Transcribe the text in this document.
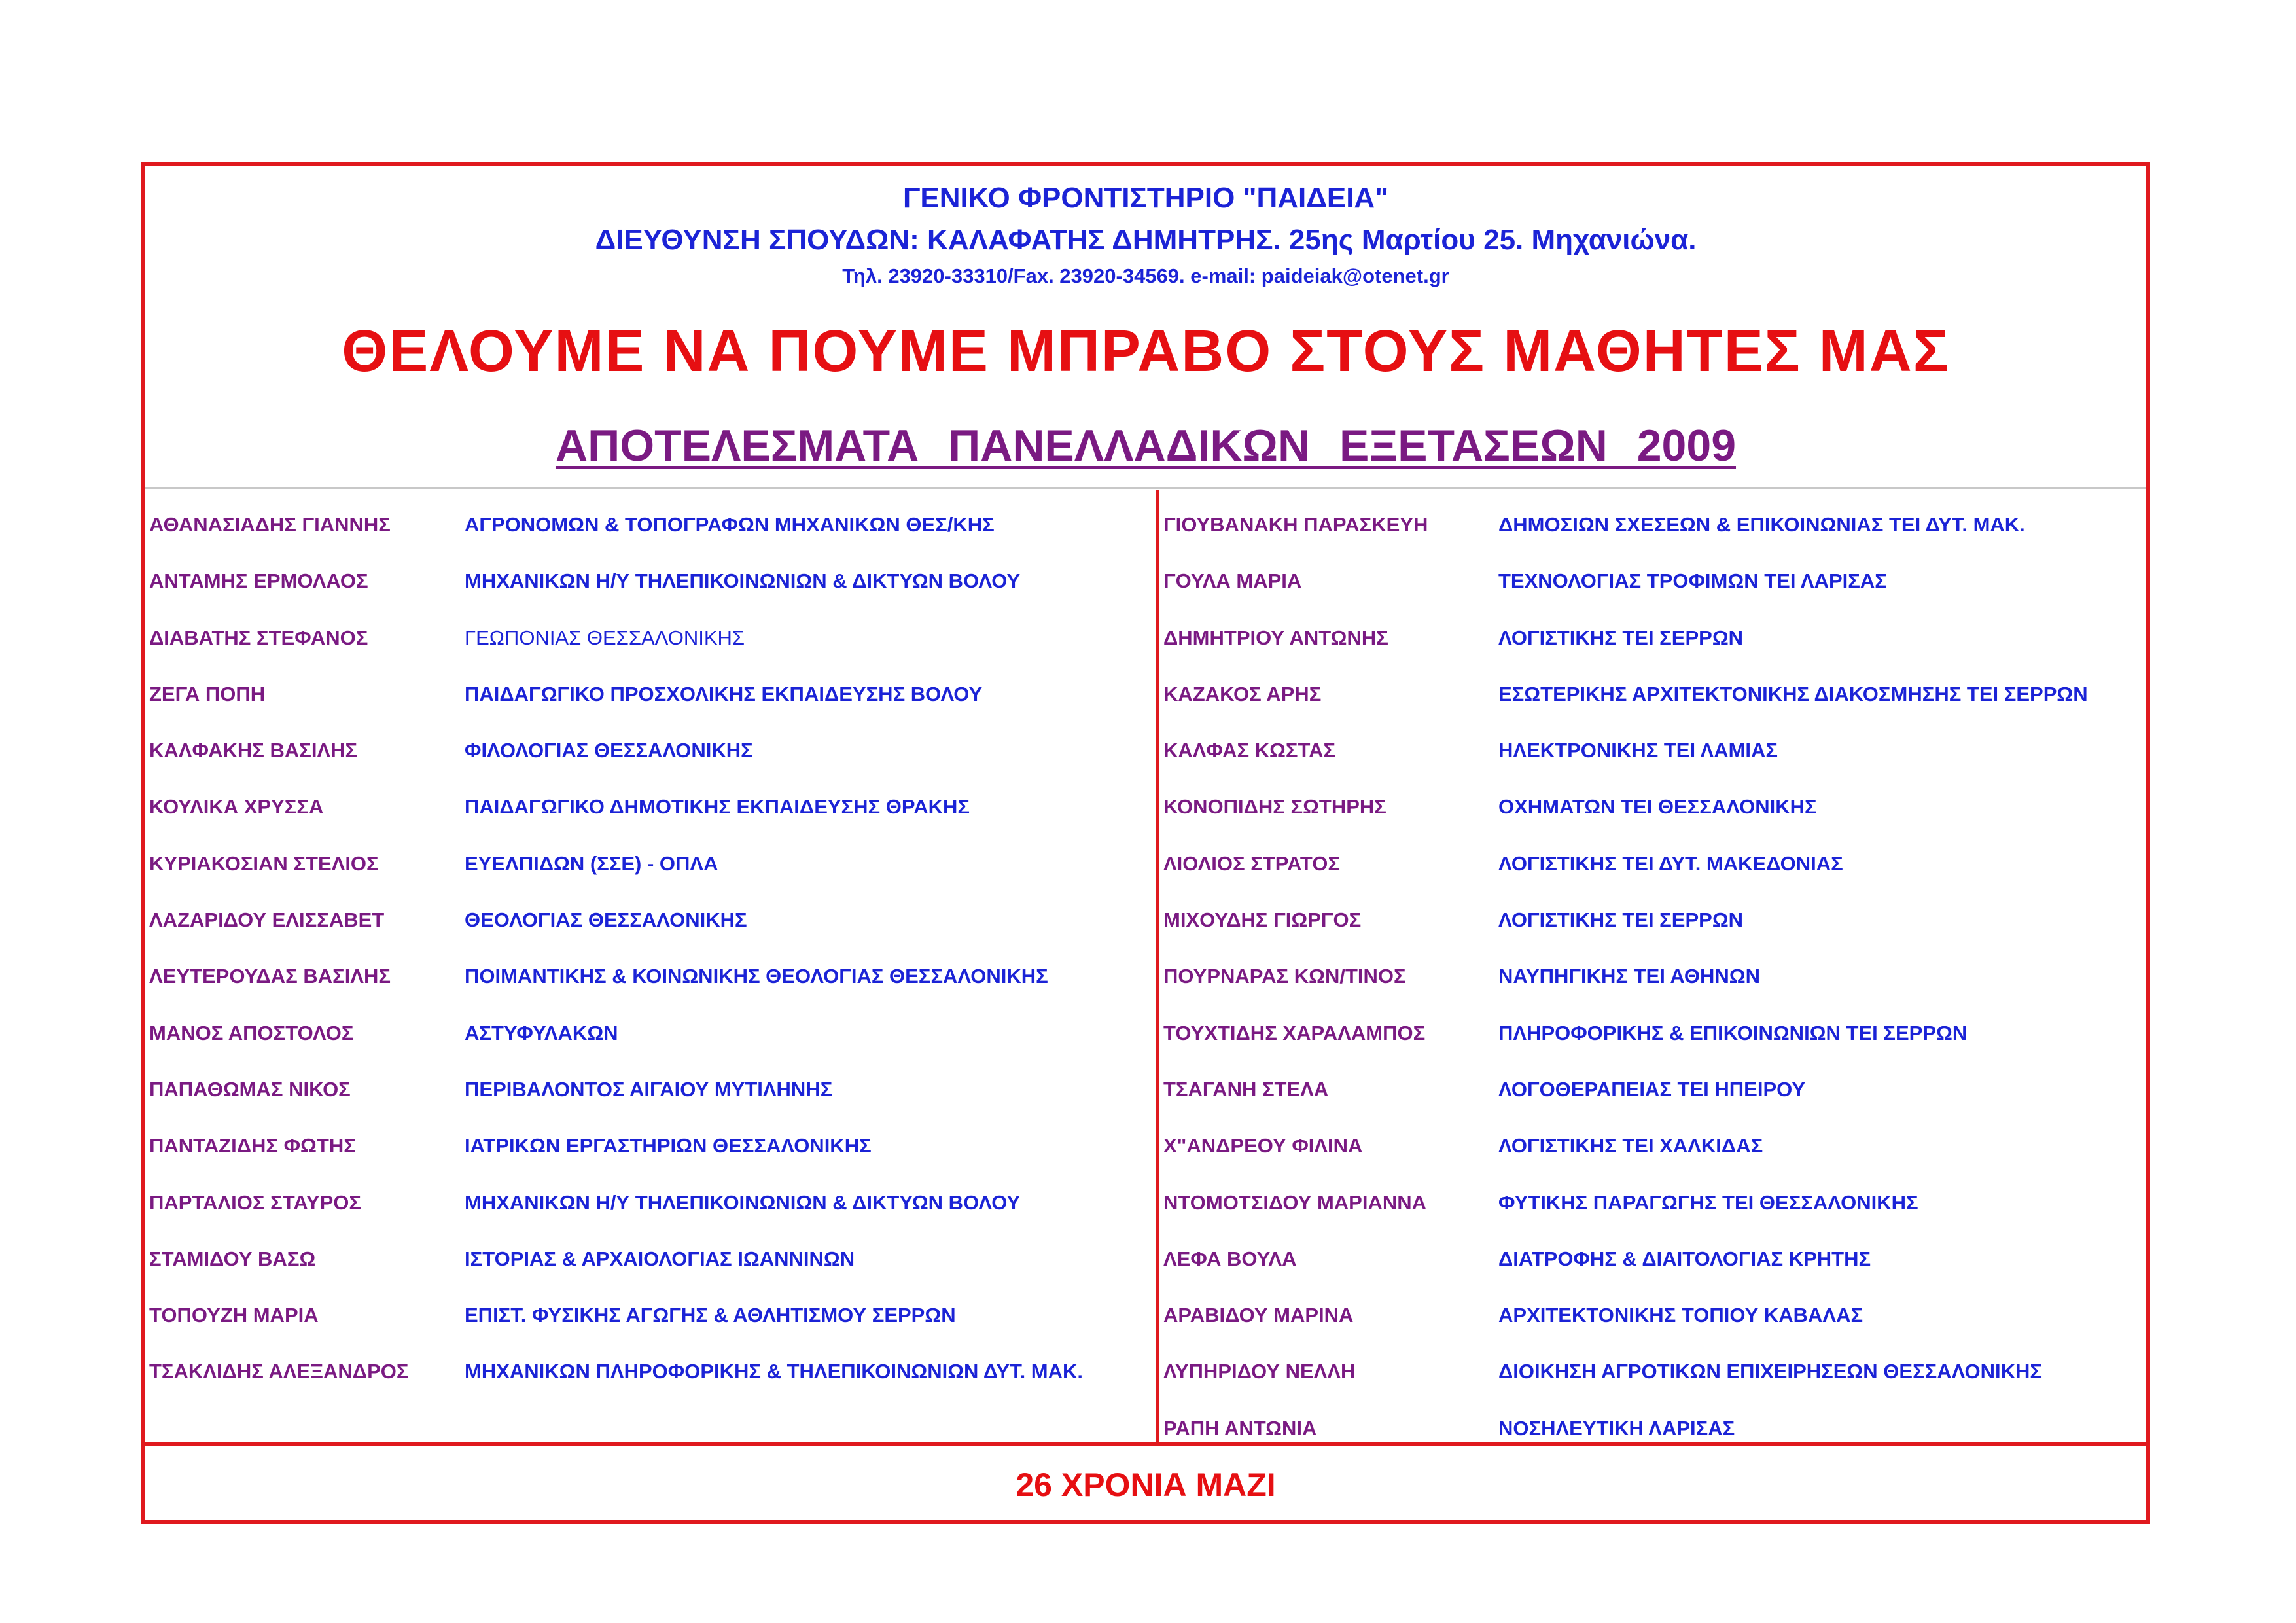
ΓΕΝΙΚΟ ΦΡΟΝΤΙΣΤΗΡΙΟ "ΠΑΙΔΕΙΑ"
ΔΙΕΥΘΥΝΣΗ ΣΠΟΥΔΩΝ: ΚΑΛΑΦΑΤΗΣ ΔΗΜΗΤΡΗΣ. 25ης Μαρτίου 25. Μηχανιώνα.
Τηλ. 23920-33310/Fax. 23920-34569. e-mail: paideiak@otenet.gr
ΘΕΛΟΥΜΕ ΝΑ ΠΟΥΜΕ ΜΠΡΑΒΟ ΣΤΟΥΣ ΜΑΘΗΤΕΣ ΜΑΣ
ΑΠΟΤΕΛΕΣΜΑΤΑ ΠΑΝΕΛΛΑΔΙΚΩΝ ΕΞΕΤΑΣΕΩΝ 2009
ΑΘΑΝΑΣΙΑΔΗΣ ΓΙΑΝΝΗΣ	ΑΓΡΟΝΟΜΩΝ & ΤΟΠΟΓΡΑΦΩΝ ΜΗΧΑΝΙΚΩΝ ΘΕΣ/ΚΗΣ
ΑΝΤΑΜΗΣ ΕΡΜΟΛΑΟΣ	ΜΗΧΑΝΙΚΩΝ Η/Υ ΤΗΛΕΠΙΚΟΙΝΩΝΙΩΝ & ΔΙΚΤΥΩΝ ΒΟΛΟΥ
ΔΙΑΒΑΤΗΣ ΣΤΕΦΑΝΟΣ	ΓΕΩΠΟΝΙΑΣ ΘΕΣΣΑΛΟΝΙΚΗΣ
ΖΕΓΑ ΠΟΠΗ	ΠΑΙΔΑΓΩΓΙΚΟ ΠΡΟΣΧΟΛΙΚΗΣ ΕΚΠΑΙΔΕΥΣΗΣ ΒΟΛΟΥ
ΚΑΛΦΑΚΗΣ ΒΑΣΙΛΗΣ	ΦΙΛΟΛΟΓΙΑΣ ΘΕΣΣΑΛΟΝΙΚΗΣ
ΚΟΥΛΙΚΑ ΧΡΥΣΣΑ	ΠΑΙΔΑΓΩΓΙΚΟ ΔΗΜΟΤΙΚΗΣ ΕΚΠΑΙΔΕΥΣΗΣ ΘΡΑΚΗΣ
ΚΥΡΙΑΚΟΣΙΑΝ ΣΤΕΛΙΟΣ	ΕΥΕΛΠΙΔΩΝ (ΣΣΕ) - ΟΠΛΑ
ΛΑΖΑΡΙΔΟΥ ΕΛΙΣΣΑΒΕΤ	ΘΕΟΛΟΓΙΑΣ ΘΕΣΣΑΛΟΝΙΚΗΣ
ΛΕΥΤΕΡΟΥΔΑΣ ΒΑΣΙΛΗΣ	ΠΟΙΜΑΝΤΙΚΗΣ & ΚΟΙΝΩΝΙΚΗΣ ΘΕΟΛΟΓΙΑΣ ΘΕΣΣΑΛΟΝΙΚΗΣ
ΜΑΝΟΣ ΑΠΟΣΤΟΛΟΣ	ΑΣΤΥΦΥΛΑΚΩΝ
ΠΑΠΑΘΩΜΑΣ ΝΙΚΟΣ	ΠΕΡΙΒΑΛΟΝΤΟΣ ΑΙΓΑΙΟΥ ΜΥΤΙΛΗΝΗΣ
ΠΑΝΤΑΖΙΔΗΣ ΦΩΤΗΣ	ΙΑΤΡΙΚΩΝ ΕΡΓΑΣΤΗΡΙΩΝ ΘΕΣΣΑΛΟΝΙΚΗΣ
ΠΑΡΤΑΛΙΟΣ ΣΤΑΥΡΟΣ	ΜΗΧΑΝΙΚΩΝ Η/Υ ΤΗΛΕΠΙΚΟΙΝΩΝΙΩΝ & ΔΙΚΤΥΩΝ ΒΟΛΟΥ
ΣΤΑΜΙΔΟΥ ΒΑΣΩ	ΙΣΤΟΡΙΑΣ & ΑΡΧΑΙΟΛΟΓΙΑΣ ΙΩΑΝΝΙΝΩΝ
ΤΟΠΟΥΖΗ ΜΑΡΙΑ	ΕΠΙΣΤ. ΦΥΣΙΚΗΣ ΑΓΩΓΗΣ & ΑΘΛΗΤΙΣΜΟΥ ΣΕΡΡΩΝ
ΤΣΑΚΛΙΔΗΣ ΑΛΕΞΑΝΔΡΟΣ	ΜΗΧΑΝΙΚΩΝ ΠΛΗΡΟΦΟΡΙΚΗΣ & ΤΗΛΕΠΙΚΟΙΝΩΝΙΩΝ ΔΥΤ. ΜΑΚ.
ΓΙΟΥΒΑΝΑΚΗ ΠΑΡΑΣΚΕΥΗ	ΔΗΜΟΣΙΩΝ ΣΧΕΣΕΩΝ & ΕΠΙΚΟΙΝΩΝΙΑΣ ΤΕΙ ΔΥΤ. ΜΑΚ.
ΓΟΥΛΑ ΜΑΡΙΑ	ΤΕΧΝΟΛΟΓΙΑΣ ΤΡΟΦΙΜΩΝ ΤΕΙ ΛΑΡΙΣΑΣ
ΔΗΜΗΤΡΙΟΥ ΑΝΤΩΝΗΣ	ΛΟΓΙΣΤΙΚΗΣ ΤΕΙ ΣΕΡΡΩΝ
ΚΑΖΑΚΟΣ ΑΡΗΣ	ΕΣΩΤΕΡΙΚΗΣ ΑΡΧΙΤΕΚΤΟΝΙΚΗΣ ΔΙΑΚΟΣΜΗΣΗΣ ΤΕΙ ΣΕΡΡΩΝ
ΚΑΛΦΑΣ ΚΩΣΤΑΣ	ΗΛΕΚΤΡΟΝΙΚΗΣ ΤΕΙ ΛΑΜΙΑΣ
ΚΟΝΟΠΙΔΗΣ ΣΩΤΗΡΗΣ	ΟΧΗΜΑΤΩΝ ΤΕΙ ΘΕΣΣΑΛΟΝΙΚΗΣ
ΛΙΟΛΙΟΣ ΣΤΡΑΤΟΣ	ΛΟΓΙΣΤΙΚΗΣ ΤΕΙ ΔΥΤ. ΜΑΚΕΔΟΝΙΑΣ
ΜΙΧΟΥΔΗΣ ΓΙΩΡΓΟΣ	ΛΟΓΙΣΤΙΚΗΣ ΤΕΙ ΣΕΡΡΩΝ
ΠΟΥΡΝΑΡΑΣ ΚΩΝ/ΤΙΝΟΣ	ΝΑΥΠΗΓΙΚΗΣ ΤΕΙ ΑΘΗΝΩΝ
ΤΟΥΧΤΙΔΗΣ ΧΑΡΑΛΑΜΠΟΣ	ΠΛΗΡΟΦΟΡΙΚΗΣ & ΕΠΙΚΟΙΝΩΝΙΩΝ ΤΕΙ ΣΕΡΡΩΝ
ΤΣΑΓΑΝΗ ΣΤΕΛΑ	ΛΟΓΟΘΕΡΑΠΕΙΑΣ ΤΕΙ ΗΠΕΙΡΟΥ
Χ"ΑΝΔΡΕΟΥ ΦΙΛΙΝΑ	ΛΟΓΙΣΤΙΚΗΣ ΤΕΙ ΧΑΛΚΙΔΑΣ
ΝΤΟΜΟΤΣΙΔΟΥ ΜΑΡΙΑΝΝΑ	ΦΥΤΙΚΗΣ ΠΑΡΑΓΩΓΗΣ ΤΕΙ ΘΕΣΣΑΛΟΝΙΚΗΣ
ΛΕΦΑ ΒΟΥΛΑ	ΔΙΑΤΡΟΦΗΣ & ΔΙΑΙΤΟΛΟΓΙΑΣ ΚΡΗΤΗΣ
ΑΡΑΒΙΔΟΥ ΜΑΡΙΝΑ	ΑΡΧΙΤΕΚΤΟΝΙΚΗΣ ΤΟΠΙΟΥ ΚΑΒΑΛΑΣ
ΛΥΠΗΡΙΔΟΥ ΝΕΛΛΗ	ΔΙΟΙΚΗΣΗ ΑΓΡΟΤΙΚΩΝ ΕΠΙΧΕΙΡΗΣΕΩΝ ΘΕΣΣΑΛΟΝΙΚΗΣ
ΡΑΠΗ ΑΝΤΩΝΙΑ	ΝΟΣΗΛΕΥΤΙΚΗ ΛΑΡΙΣΑΣ
26 ΧΡΟΝΙΑ ΜΑΖΙ
